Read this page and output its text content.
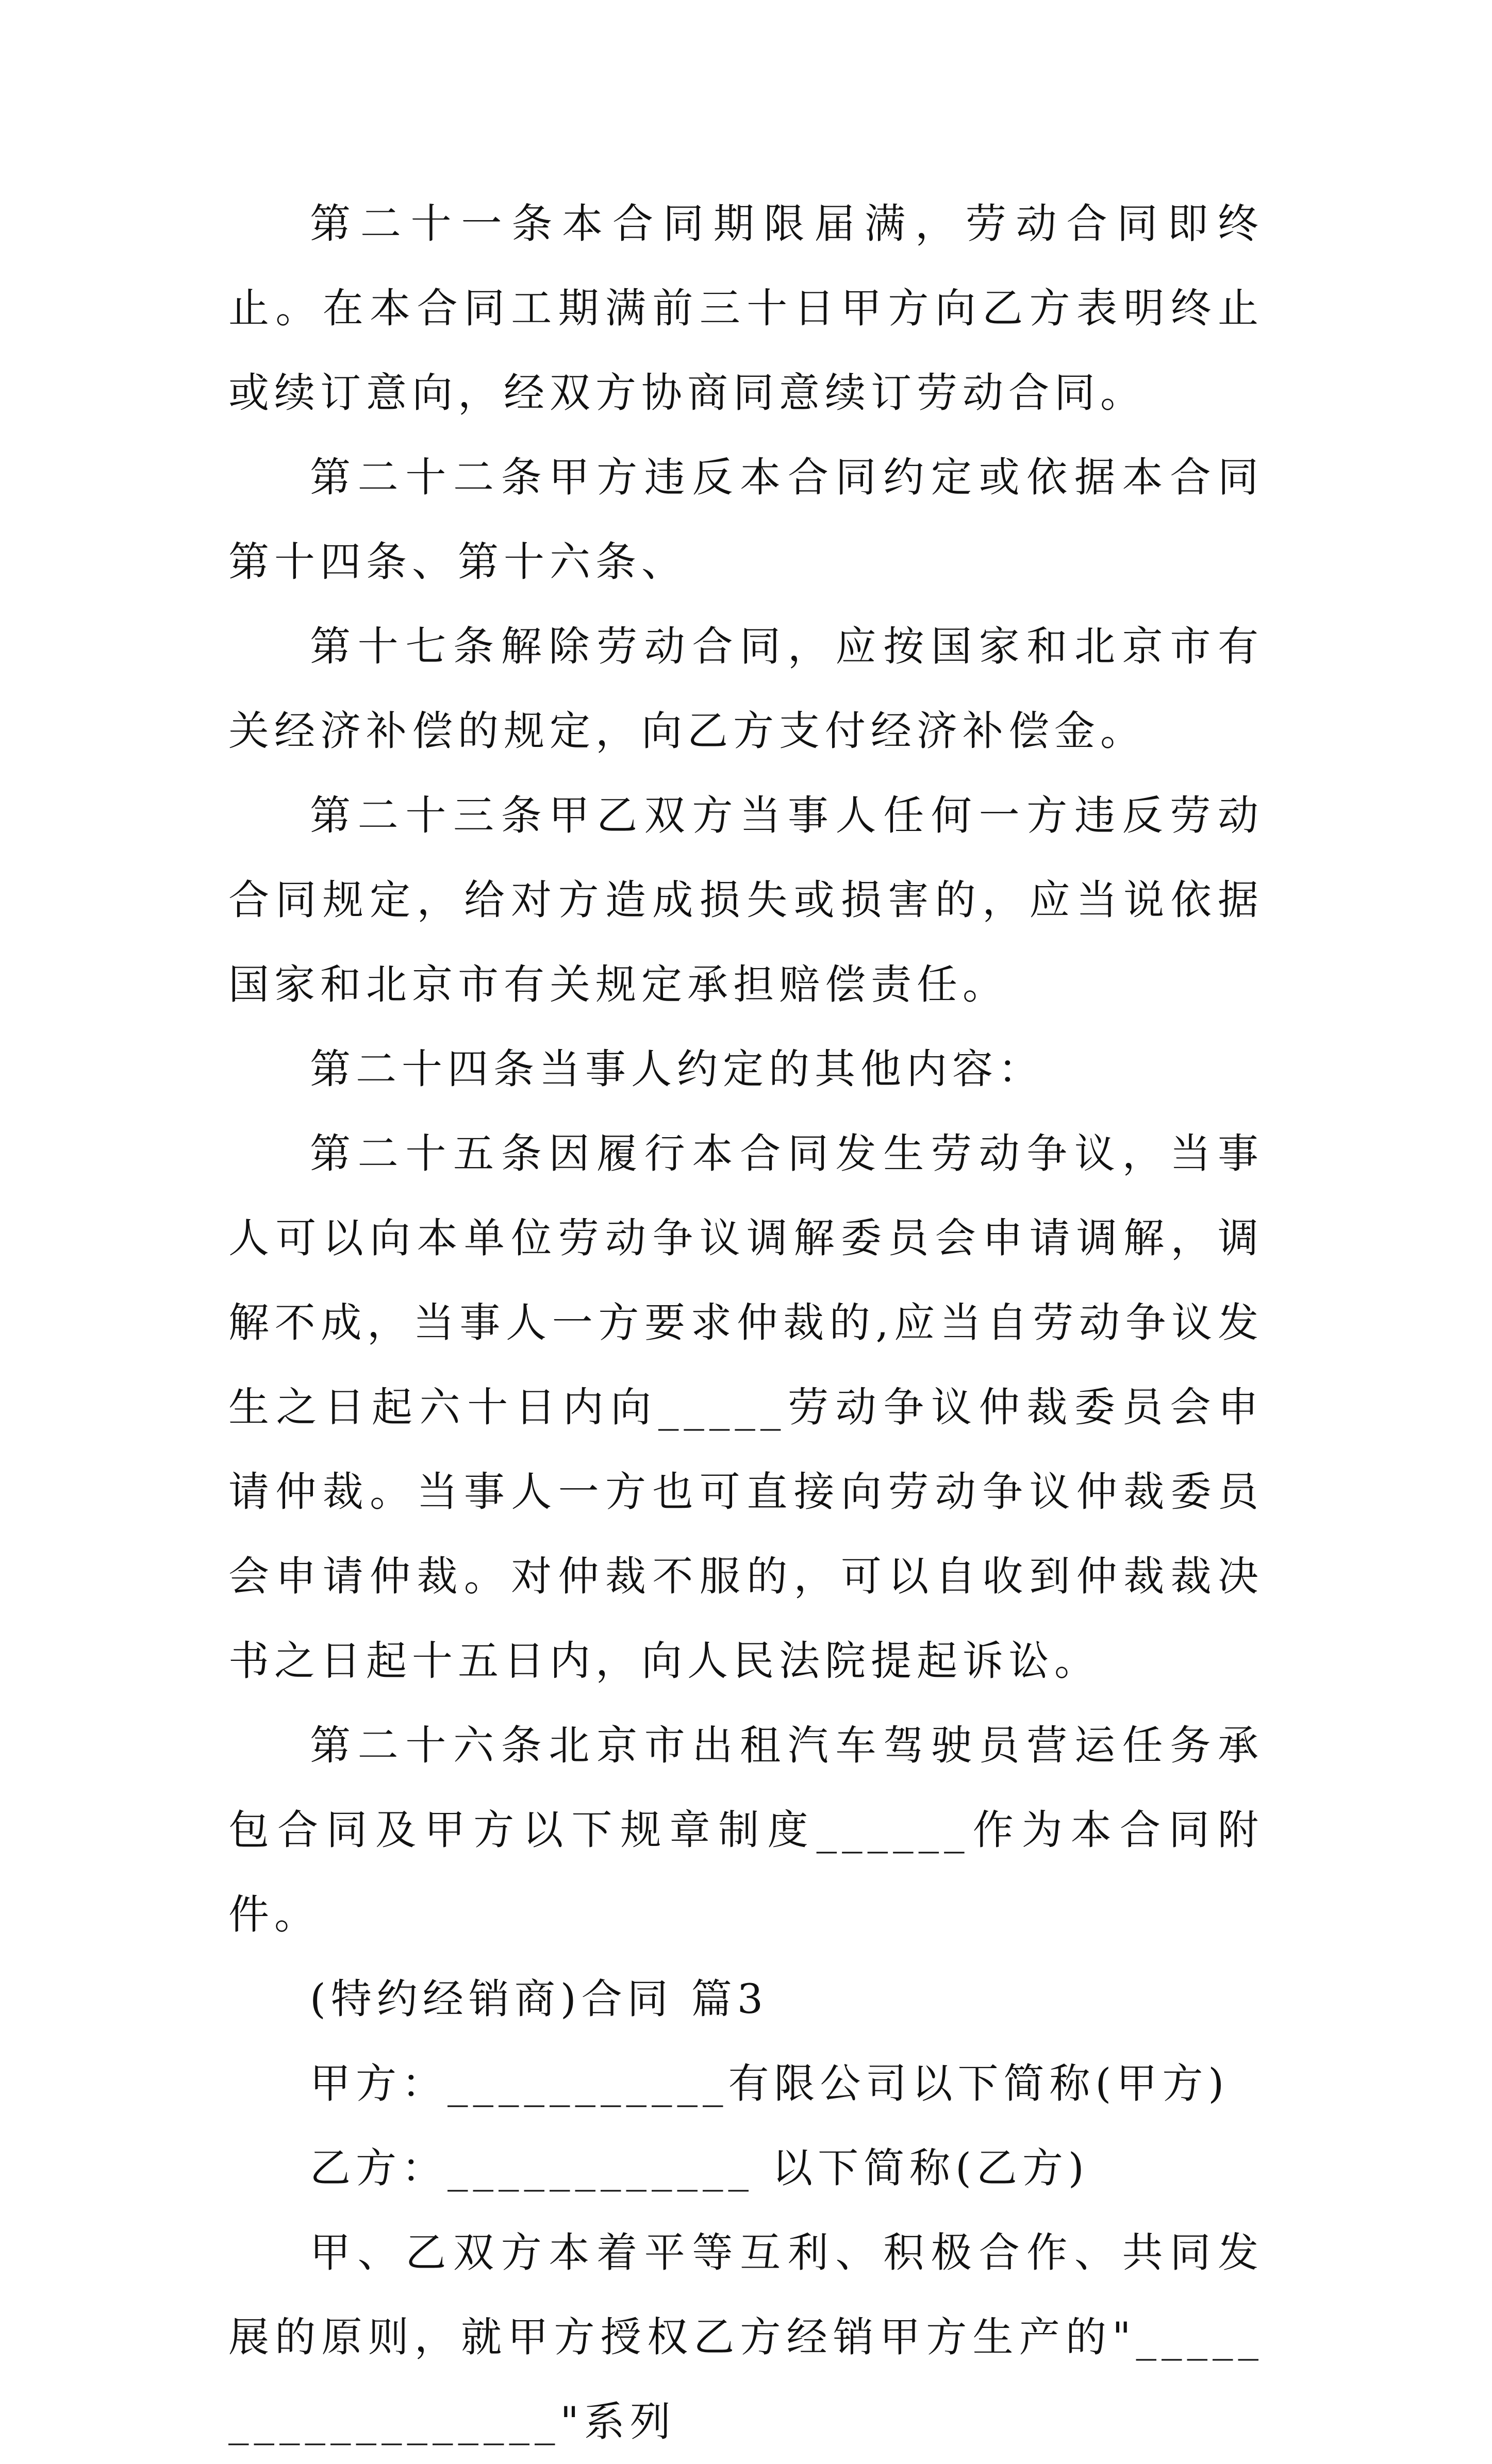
第二十一条本合同期限届满，劳动合同即终止。在本合同工期满前三十日甲方向乙方表明终止或续订意向，经双方协商同意续订劳动合同。

第二十二条甲方违反本合同约定或依据本合同第十四条、第十六条、

第十七条解除劳动合同，应按国家和北京市有关经济补偿的规定，向乙方支付经济补偿金。

第二十三条甲乙双方当事人任何一方违反劳动合同规定，给对方造成损失或损害的，应当说依据国家和北京市有关规定承担赔偿责任。

第二十四条当事人约定的其他内容：

第二十五条因履行本合同发生劳动争议，当事人可以向本单位劳动争议调解委员会申请调解，调解不成，当事人一方要求仲裁的,应当自劳动争议发生之日起六十日内向_____劳动争议仲裁委员会申请仲裁。当事人一方也可直接向劳动争议仲裁委员会申请仲裁。对仲裁不服的，可以自收到仲裁裁决书之日起十五日内，向人民法院提起诉讼。

第二十六条北京市出租汽车驾驶员营运任务承包合同及甲方以下规章制度______作为本合同附件。

(特约经销商)合同 篇3

甲方：___________有限公司以下简称(甲方)

乙方：____________ 以下简称(乙方)

甲、乙双方本着平等互利、积极合作、共同发展的原则，就甲方授权乙方经销甲方生产的"__________________"系列
